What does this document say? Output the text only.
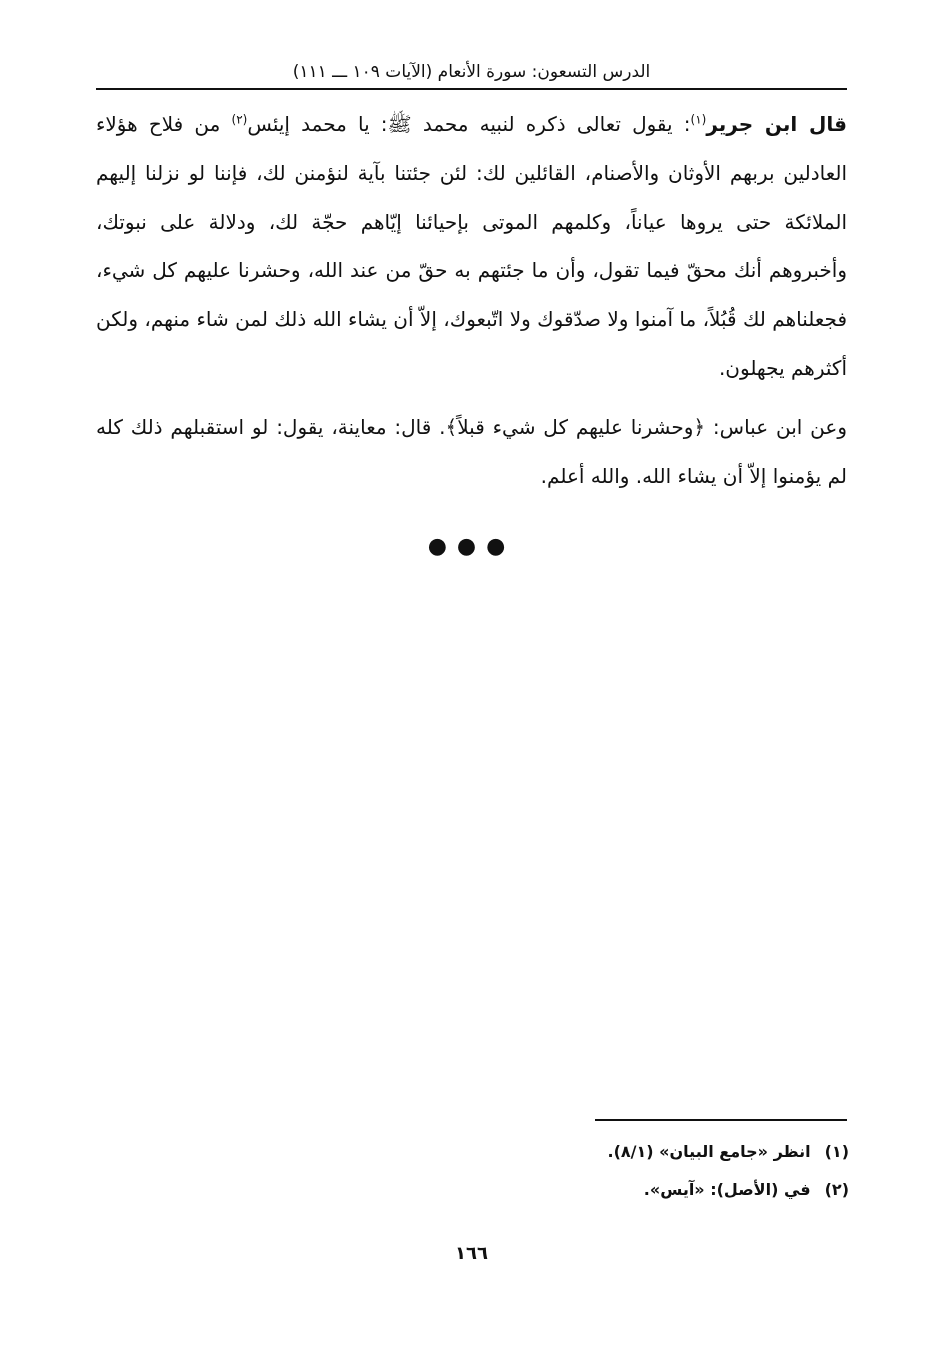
الدرس التسعون: سورة الأنعام (الآيات ١٠٩ ـــ ١١١)

قال ابن جرير$^{(١)}$: يقول تعالى ذكره لنبيه محمد ﷺ: يا محمد إيئس$^{(٢)}$ من فلاح هؤلاء العادلين بربهم الأوثان والأصنام، القائلين لك: لئن جئتنا بآية لنؤمنن لك، فإننا لو نزلنا إليهم الملائكة حتى يروها عياناً، وكلمهم الموتى بإحيائنا إيّاهم حجّة لك، ودلالة على نبوتك، وأخبروهم أنك محقّ فيما تقول، وأن ما جئتهم به حقّ من عند الله، وحشرنا عليهم كل شيء، فجعلناهم لك قُبُلاً، ما آمنوا ولا صدّقوك ولا اتّبعوك، إلاّ أن يشاء الله ذلك لمن شاء منهم، ولكن أكثرهم يجهلون.

وعن ابن عباس: ﴿وحشرنا عليهم كل شيء قبلاً﴾. قال: معاينة، يقول: لو استقبلهم ذلك كله لم يؤمنوا إلاّ أن يشاء الله. والله أعلم.

●●●
(١)انظر «جامع البيان» (٨/١).
(٢)في (الأصل): «آيس».
١٦٦
